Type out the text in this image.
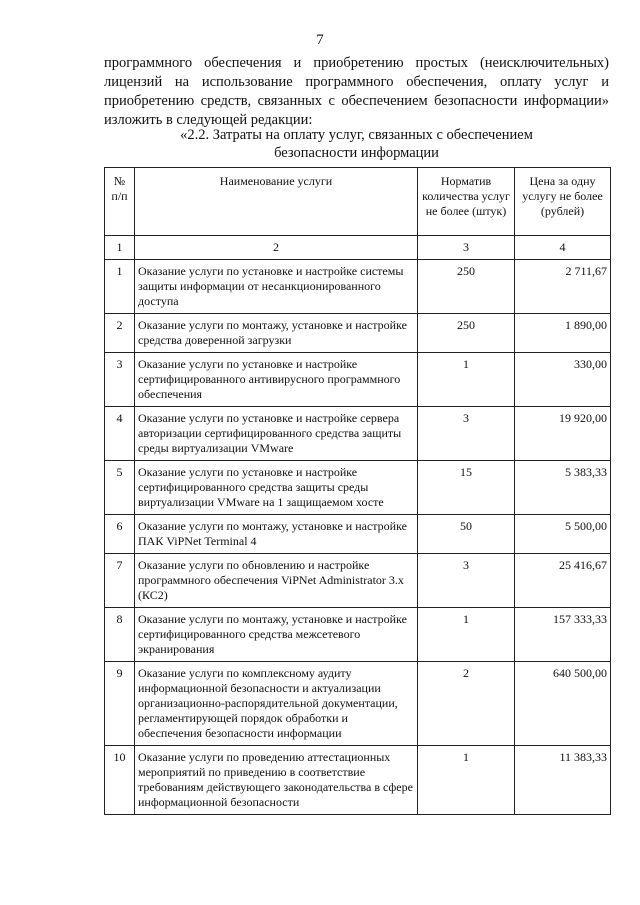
7
программного обеспечения и приобретению простых (неисключительных)
лицензий на использование программного обеспечения, оплату услуг и
приобретению средств, связанных с обеспечением безопасности информации»
изложить в следующей редакции:
«2.2. Затраты на оплату услуг, связанных с обеспечением
безопасности информации
№ п/п	Наименование услуги	Норматив количества услуг не более (штук)	Цена за одну услугу не более (рублей)
1	2	3	4
1	Оказание услуги по установке и настройке системы защиты информации от несанкционированного доступа	250	2 711,67
2	Оказание услуги по монтажу, установке и настройке средства доверенной загрузки	250	1 890,00
3	Оказание услуги по установке и настройке сертифицированного антивирусного программного обеспечения	1	330,00
4	Оказание услуги по установке и настройке сервера авторизации сертифицированного средства защиты среды виртуализации VMware	3	19 920,00
5	Оказание услуги по установке и настройке сертифицированного средства защиты среды виртуализации VMware на 1 защищаемом хосте	15	5 383,33
6	Оказание услуги по монтажу, установке и настройке ПАК ViPNet Terminal 4	50	5 500,00
7	Оказание услуги по обновлению и настройке программного обеспечения ViPNet Administrator 3.x (КС2)	3	25 416,67
8	Оказание услуги по монтажу, установке и настройке сертифицированного средства межсетевого экранирования	1	157 333,33
9	Оказание услуги по комплексному аудиту информационной безопасности и актуализации организационно-распорядительной документации, регламентирующей порядок обработки и обеспечения безопасности информации	2	640 500,00
10	Оказание услуги по проведению аттестационных мероприятий по приведению в соответствие требованиям действующего законодательства в сфере информационной безопасности	1	11 383,33
